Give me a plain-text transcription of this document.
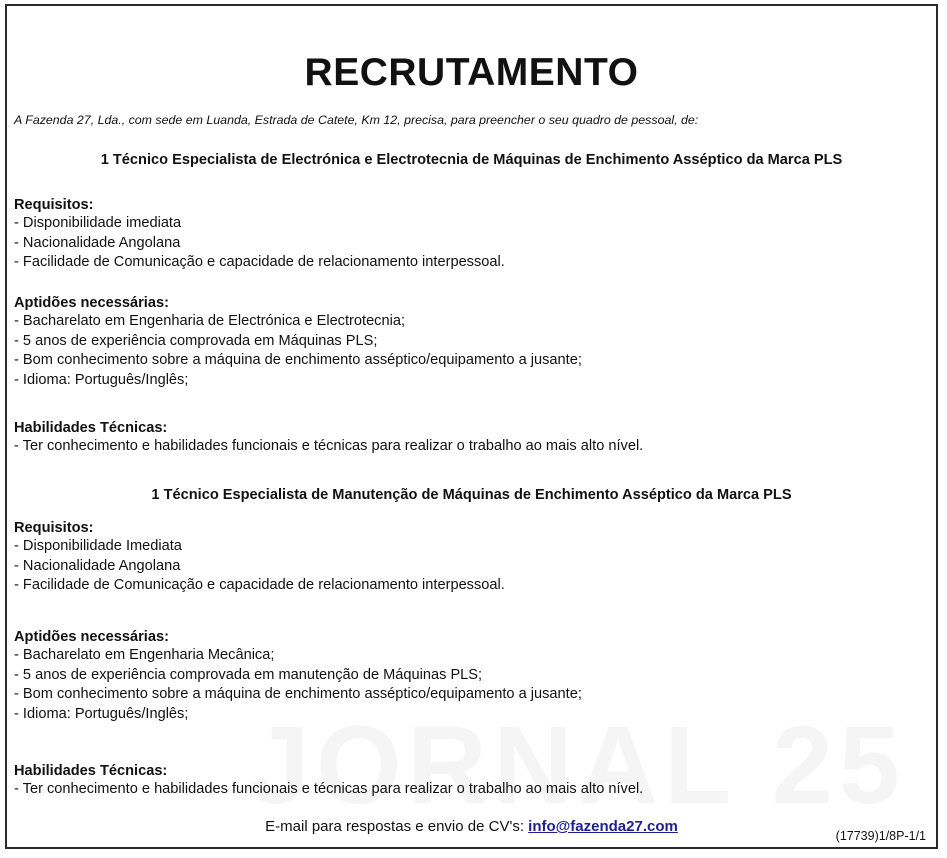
RECRUTAMENTO
A Fazenda 27, Lda., com sede em Luanda, Estrada de Catete, Km 12, precisa, para preencher o seu quadro de pessoal, de:
1 Técnico Especialista de Electrónica e Electrotecnia de Máquinas de Enchimento Asséptico da Marca PLS
Requisitos:
- Disponibilidade imediata
- Nacionalidade Angolana
- Facilidade de Comunicação e capacidade de relacionamento interpessoal.
Aptidões necessárias:
- Bacharelato em Engenharia de Electrónica e Electrotecnia;
- 5 anos de experiência comprovada em Máquinas PLS;
- Bom conhecimento sobre a máquina de enchimento asséptico/equipamento a jusante;
- Idioma: Português/Inglês;
Habilidades Técnicas:
- Ter conhecimento e habilidades funcionais e técnicas para realizar o trabalho ao mais alto nível.
1 Técnico Especialista de Manutenção de Máquinas de Enchimento Asséptico da Marca PLS
Requisitos:
- Disponibilidade Imediata
- Nacionalidade Angolana
- Facilidade de Comunicação e capacidade de relacionamento interpessoal.
Aptidões necessárias:
- Bacharelato em Engenharia Mecânica;
- 5 anos de experiência comprovada em manutenção de Máquinas PLS;
- Bom conhecimento sobre a máquina de enchimento asséptico/equipamento a jusante;
- Idioma: Português/Inglês;
Habilidades Técnicas:
- Ter conhecimento e habilidades funcionais e técnicas para realizar o trabalho ao mais alto nível.
E-mail para respostas e envio de CV's: info@fazenda27.com
(17739)1/8P-1/1
